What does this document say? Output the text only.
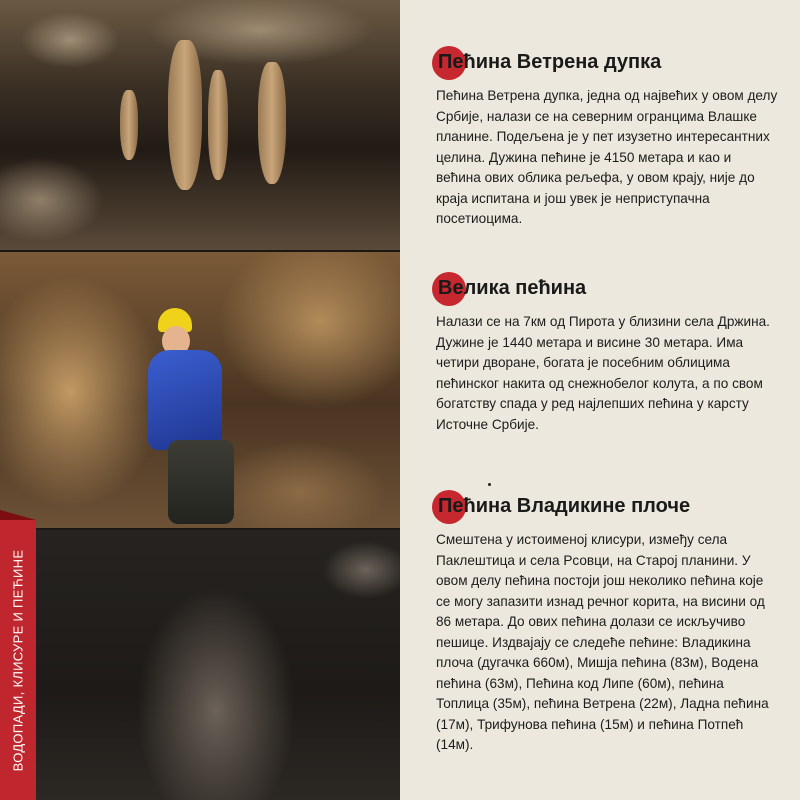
ВОДОПАДИ, КЛИСУРЕ И ПЕЋИНЕ
Пећина Ветрена дупка
Пећина Ветрена дупка, једна од највећих у овом делу Србије, налази се на северним огранцима Влашке планине. Подељена је у пет изузетно интересантних целина. Дужина пећине је 4150 метара и као и већина ових облика рељефа, у овом крају, није до краја испитана и још увек је неприступачна посетиоцима.
Велика пећина
Налази се на 7км од Пирота у близини села Држина. Дужине је 1440 метара и висине 30 метара. Има четири дворане, богата је посебним облицима пећинског накита од снежнобелог колута, а по свом богатству спада у ред најлепших пећина у карсту Источне Србије.
Пећина Владикине плоче
Смештена у истоименој клисури, између села Паклештица и села Рсовци, на Старој планини. У овом делу пећина постоји још неколико пећина које се могу запазити изнад речног корита, на висини од 86 метара. До ових пећина долази се искључиво пешице. Издвајају се следеће пећине: Владикина плоча (дугачка 660м), Мишја пећина (83м), Водена пећина (63м), Пећина код Липе (60м), пећина Топлица (35м), пећина Ветрена (22м), Ладна пећина (17м), Трифунова пећина (15м) и пећина Потпећ (14м).
